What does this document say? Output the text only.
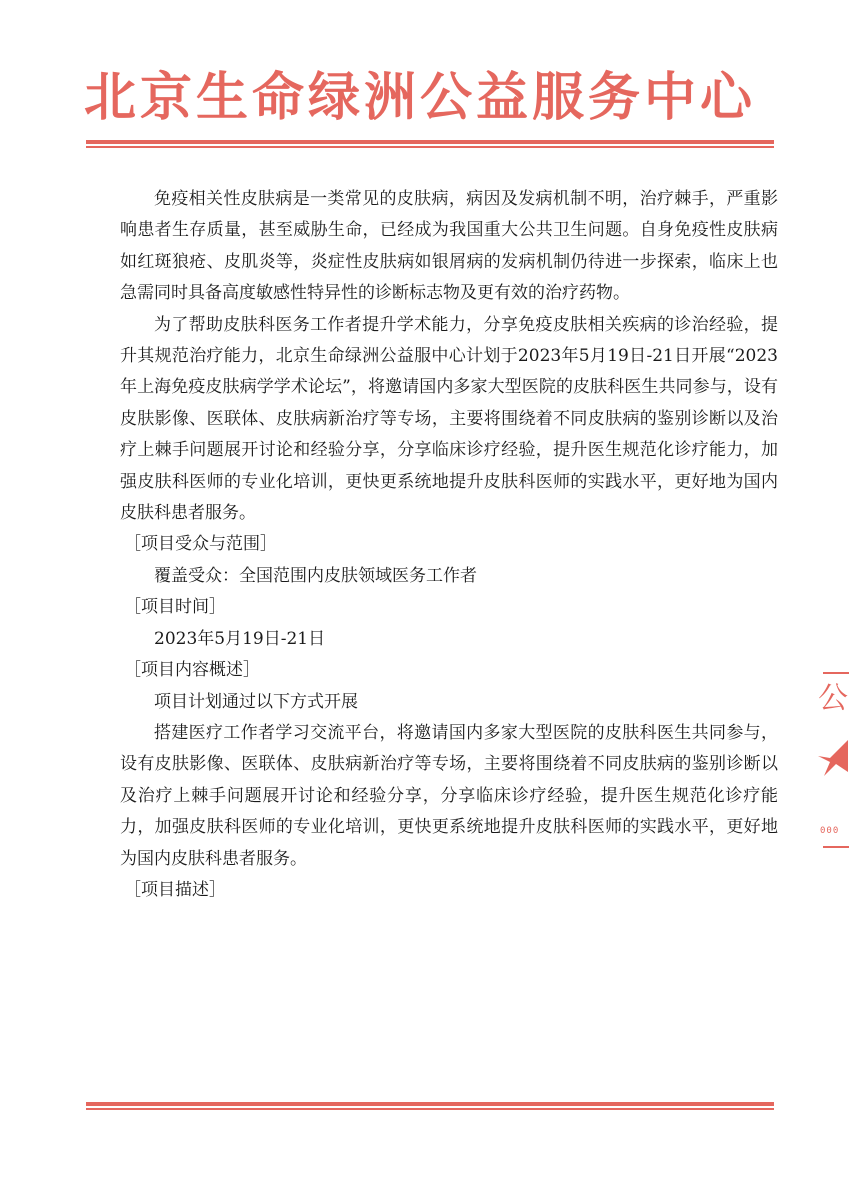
北京生命绿洲公益服务中心

免疫相关性皮肤病是一类常见的皮肤病，病因及发病机制不明，治疗棘手，严重影响患者生存质量，甚至威胁生命，已经成为我国重大公共卫生问题。自身免疫性皮肤病如红斑狼疮、皮肌炎等，炎症性皮肤病如银屑病的发病机制仍待进一步探索，临床上也急需同时具备高度敏感性特异性的诊断标志物及更有效的治疗药物。

为了帮助皮肤科医务工作者提升学术能力，分享免疫皮肤相关疾病的诊治经验，提升其规范治疗能力，北京生命绿洲公益服中心计划于2023年5月19日-21日开展“2023年上海免疫皮肤病学学术论坛”，将邀请国内多家大型医院的皮肤科医生共同参与，设有皮肤影像、医联体、皮肤病新治疗等专场，主要将围绕着不同皮肤病的鉴别诊断以及治疗上棘手问题展开讨论和经验分享，分享临床诊疗经验，提升医生规范化诊疗能力，加强皮肤科医师的专业化培训，更快更系统地提升皮肤科医师的实践水平，更好地为国内皮肤科患者服务。

［项目受众与范围］
覆盖受众：全国范围内皮肤领域医务工作者
［项目时间］
2023年5月19日-21日
［项目内容概述］
项目计划通过以下方式开展

搭建医疗工作者学习交流平台，将邀请国内多家大型医院的皮肤科医生共同参与，设有皮肤影像、医联体、皮肤病新治疗等专场，主要将围绕着不同皮肤病的鉴别诊断以及治疗上棘手问题展开讨论和经验分享，分享临床诊疗经验，提升医生规范化诊疗能力，加强皮肤科医师的专业化培训，更快更系统地提升皮肤科医师的实践水平，更好地为国内皮肤科患者服务。

［项目描述］
公
000
